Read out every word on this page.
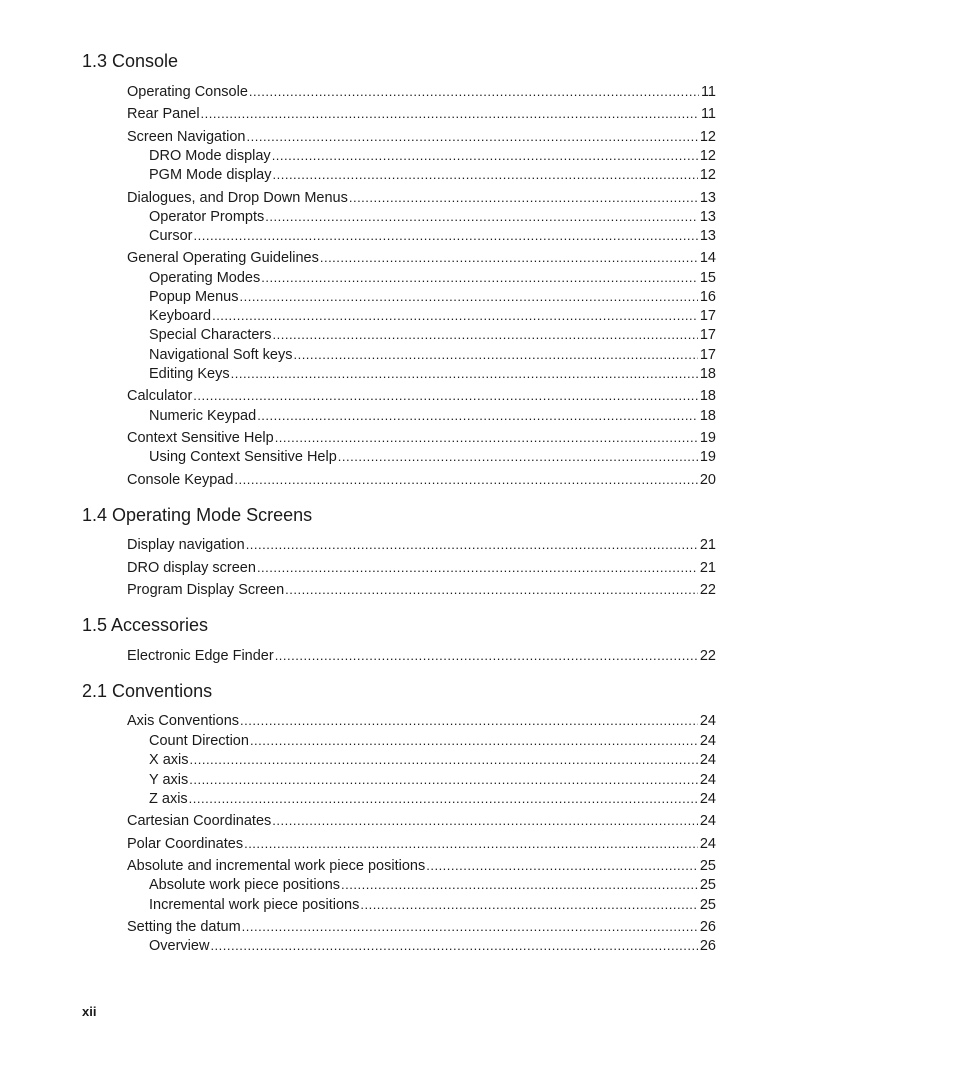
1.3 Console
Operating Console .....	11
Rear Panel .....	11
Screen Navigation .....	12
DRO Mode display .....	12
PGM Mode display .....	12
Dialogues, and Drop Down Menus .....	13
Operator Prompts .....	13
Cursor .....	13
General Operating Guidelines .....	14
Operating Modes .....	15
Popup Menus .....	16
Keyboard .....	17
Special Characters .....	17
Navigational Soft keys .....	17
Editing Keys .....	18
Calculator .....	18
Numeric Keypad .....	18
Context Sensitive Help .....	19
Using Context Sensitive Help .....	19
Console Keypad .....	20
1.4 Operating Mode Screens
Display navigation .....	21
DRO display screen .....	21
Program Display Screen .....	22
1.5 Accessories
Electronic Edge Finder .....	22
2.1 Conventions
Axis Conventions .....	24
Count Direction .....	24
X axis .....	24
Y axis .....	24
Z axis .....	24
Cartesian Coordinates .....	24
Polar Coordinates .....	24
Absolute and incremental work piece positions .....	25
Absolute work piece positions .....	25
Incremental work piece positions .....	25
Setting the datum .....	26
Overview .....	26
xii
